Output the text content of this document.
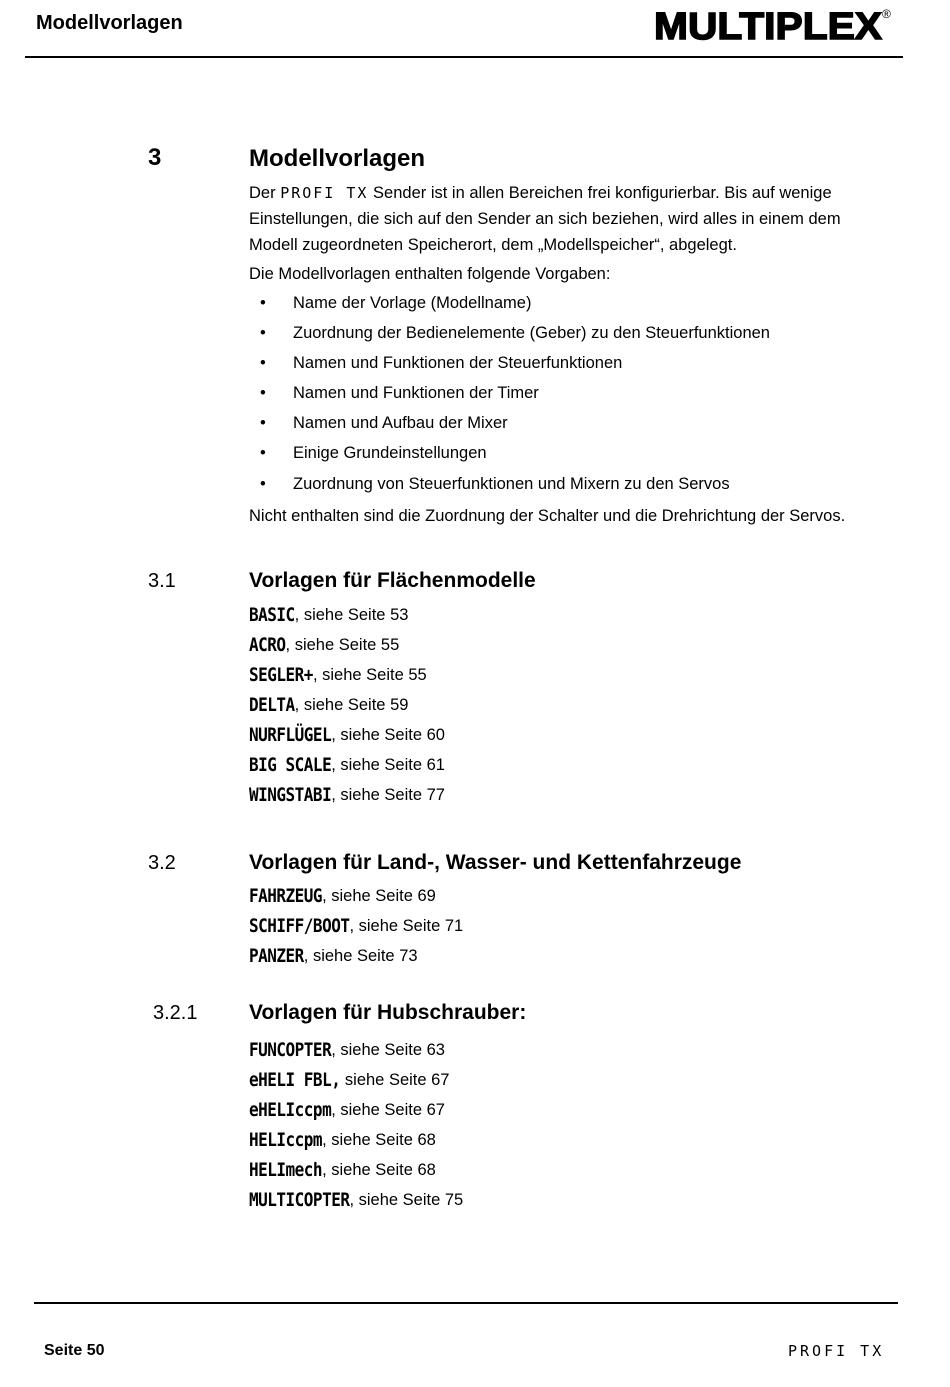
Modellvorlagen	MULTIPLEX ®
3	Modellvorlagen
Der PROFI TX Sender ist in allen Bereichen frei konfigurierbar. Bis auf wenige
Einstellungen, die sich auf den Sender an sich beziehen, wird alles in einem dem
Modell zugeordneten Speicherort, dem „Modellspeicher“, abgelegt.
Die Modellvorlagen enthalten folgende Vorgaben:
• Name der Vorlage (Modellname)
• Zuordnung der Bedienelemente (Geber) zu den Steuerfunktionen
• Namen und Funktionen der Steuerfunktionen
• Namen und Funktionen der Timer
• Namen und Aufbau der Mixer
• Einige Grundeinstellungen
• Zuordnung von Steuerfunktionen und Mixern zu den Servos
Nicht enthalten sind die Zuordnung der Schalter und die Drehrichtung der Servos.
3.1	Vorlagen für Flächenmodelle
BASIC, siehe Seite 53
ACRO, siehe Seite 55
SEGLER+, siehe Seite 55
DELTA, siehe Seite 59
NURFLÜGEL, siehe Seite 60
BIG SCALE, siehe Seite 61
WINGSTABI, siehe Seite 77
3.2	Vorlagen für Land-, Wasser- und Kettenfahrzeuge
FAHRZEUG, siehe Seite 69
SCHIFF/BOOT, siehe Seite 71
PANZER, siehe Seite 73
3.2.1 Vorlagen für Hubschrauber:
FUNCOPTER, siehe Seite 63
eHELI FBL, siehe Seite 67
eHELIccpm, siehe Seite 67
HELIccpm, siehe Seite 68
HELImech, siehe Seite 68
MULTICOPTER, siehe Seite 75
Seite 50	PROFI TX
